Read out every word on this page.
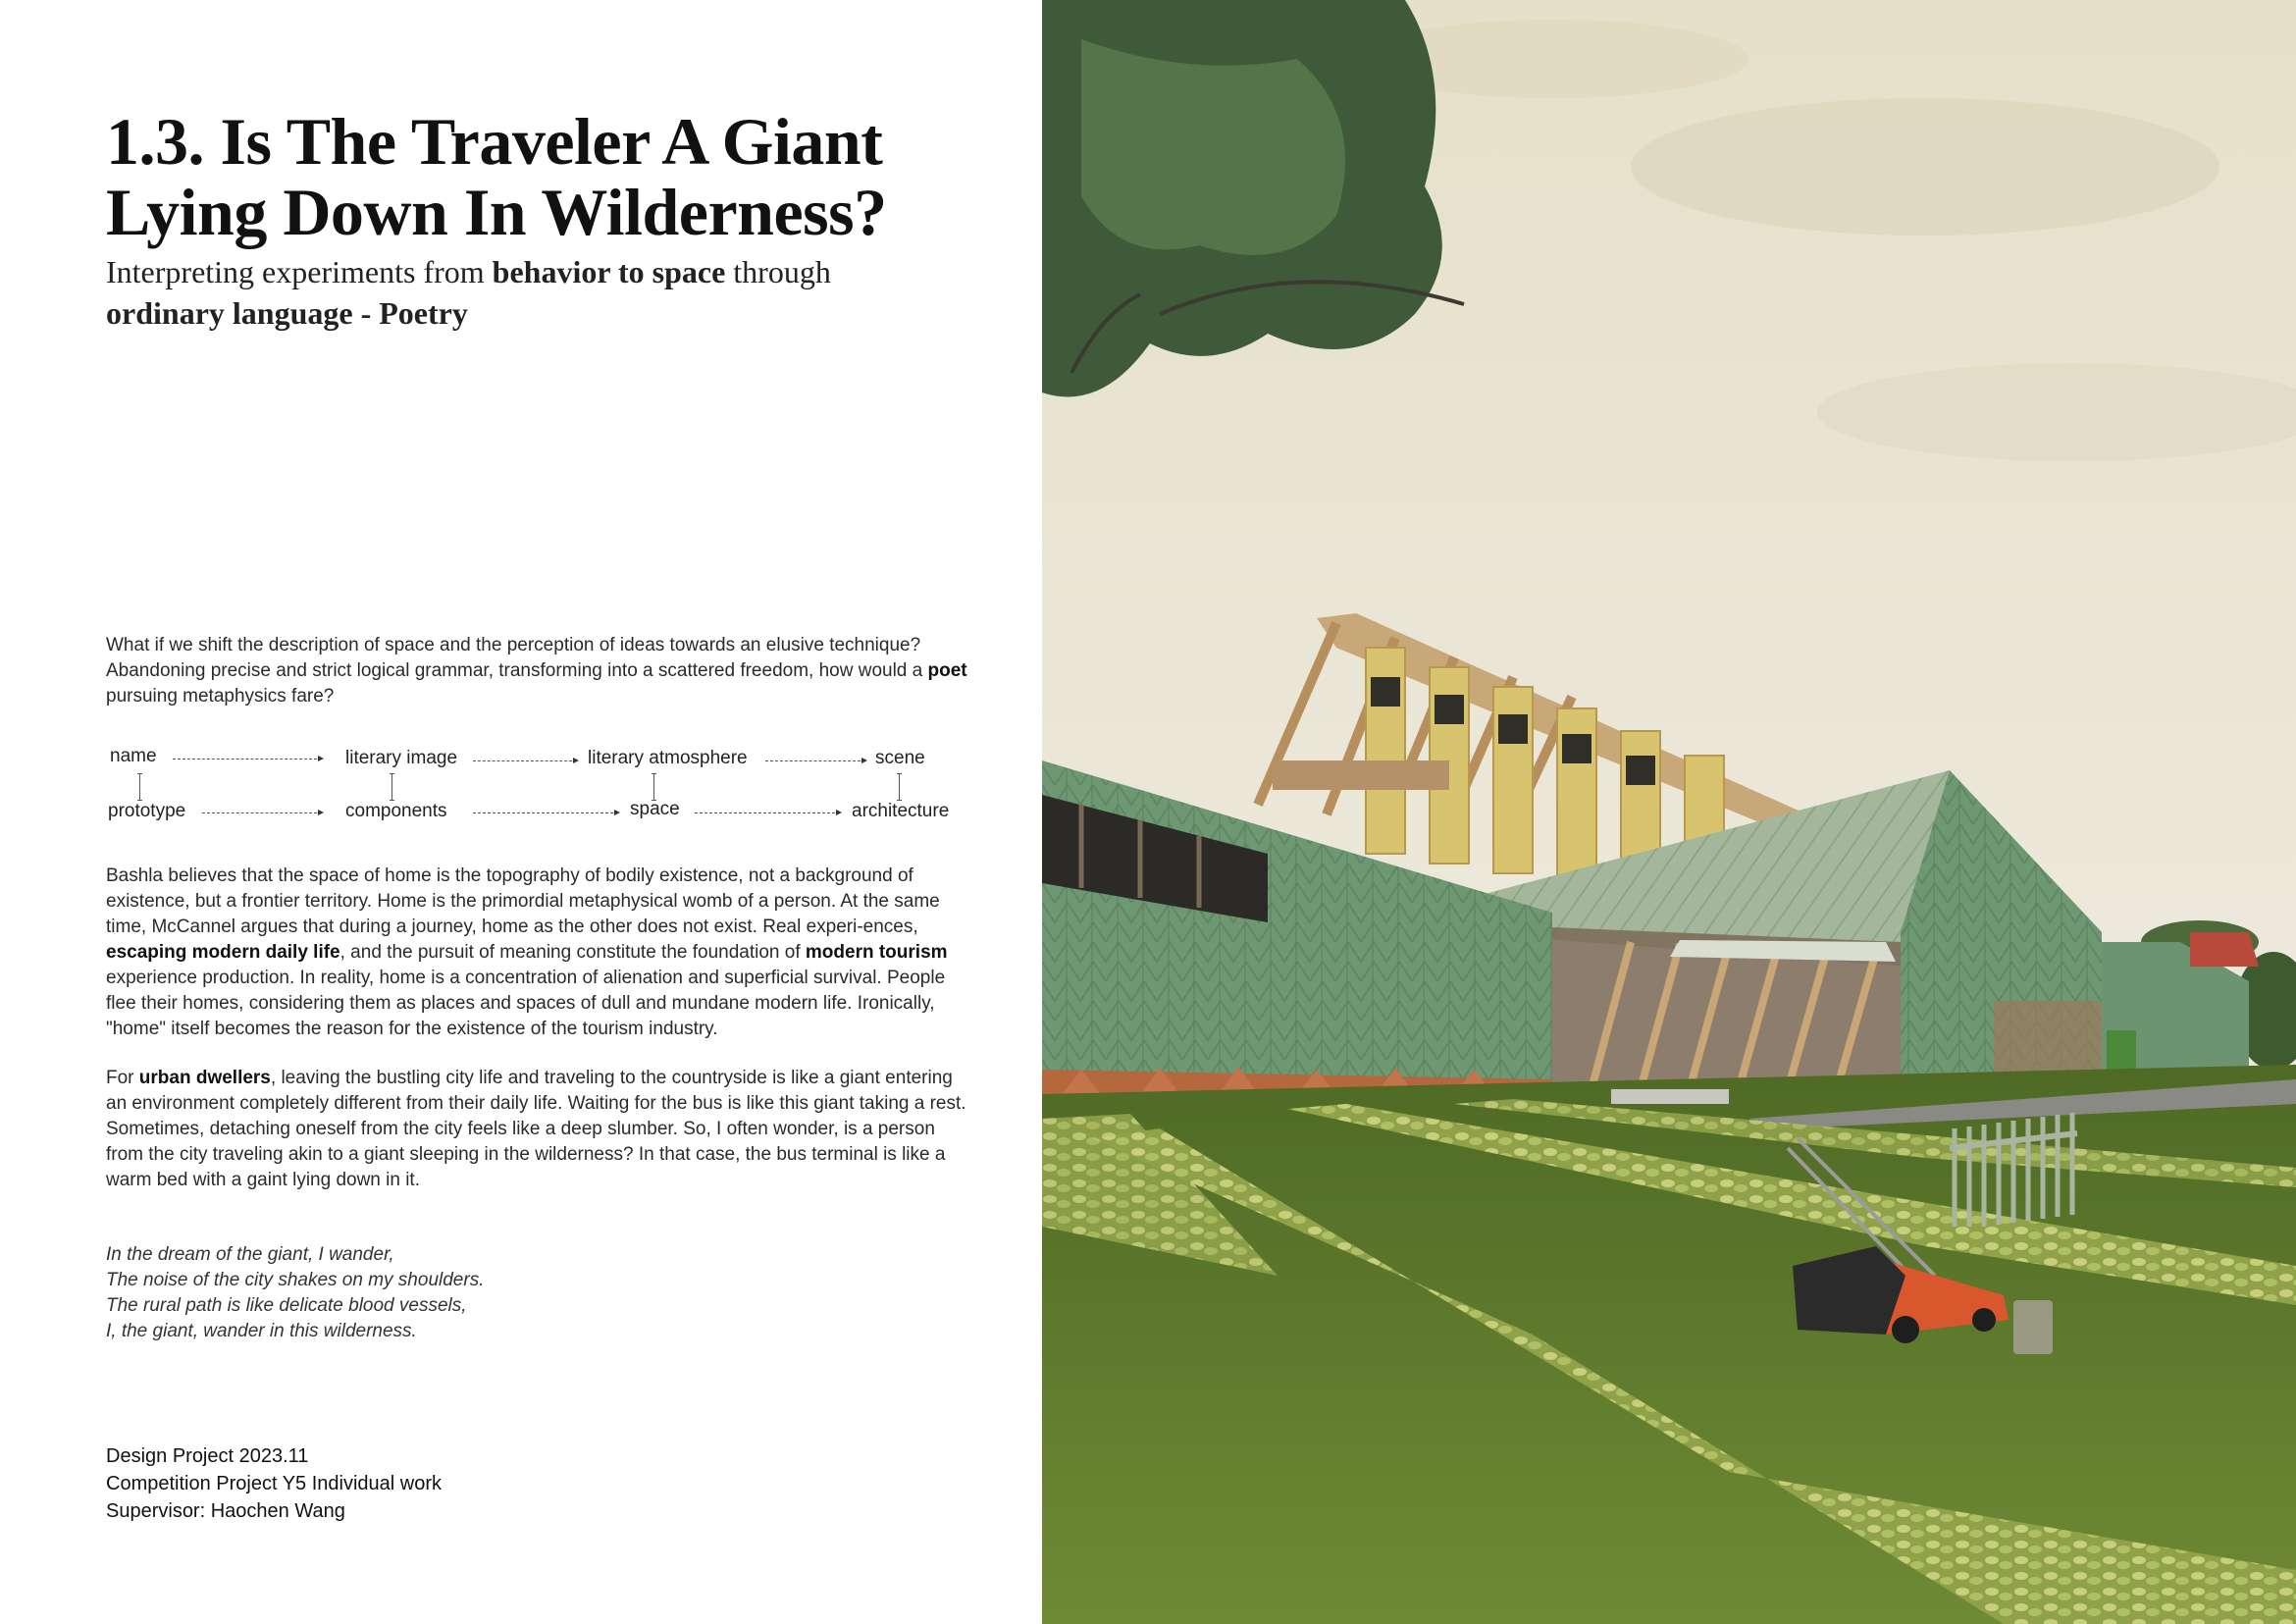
1.3. Is The Traveler A Giant
Lying Down In Wilderness?
Interpreting experiments from behavior to space through
ordinary language - Poetry
What if we shift the description of space and the perception of ideas towards an elusive technique? Abandoning precise and strict logical grammar, transforming into a scattered freedom, how would a poet pursuing metaphysics fare?
name	literary image	literary atmosphere	scene
prototype	components	space	architecture
Bashla believes that the space of home is the topography of bodily existence, not a background of existence, but a frontier territory. Home is the primordial metaphysical womb of a person. At the same time, McCannel argues that during a journey, home as the other does not exist. Real experi-ences, escaping modern daily life, and the pursuit of meaning constitute the foundation of modern tourism experience production. In reality, home is a concentration of alienation and superficial survival. People flee their homes, considering them as places and spaces of dull and mundane modern life. Ironically, "home" itself becomes the reason for the existence of the tourism industry.
For urban dwellers, leaving the bustling city life and traveling to the countryside is like a giant entering an environment completely different from their daily life. Waiting for the bus is like this giant taking a rest. Sometimes, detaching oneself from the city feels like a deep slumber. So, I often wonder, is a person from the city traveling akin to a giant sleeping in the wilderness? In that case, the bus terminal is like a warm bed with a gaint lying down in it.
In the dream of the giant, I wander,
The noise of the city shakes on my shoulders.
The rural path is like delicate blood vessels,
I, the giant, wander in this wilderness.
Design Project 2023.11
Competition Project Y5 Individual work
Supervisor: Haochen Wang
